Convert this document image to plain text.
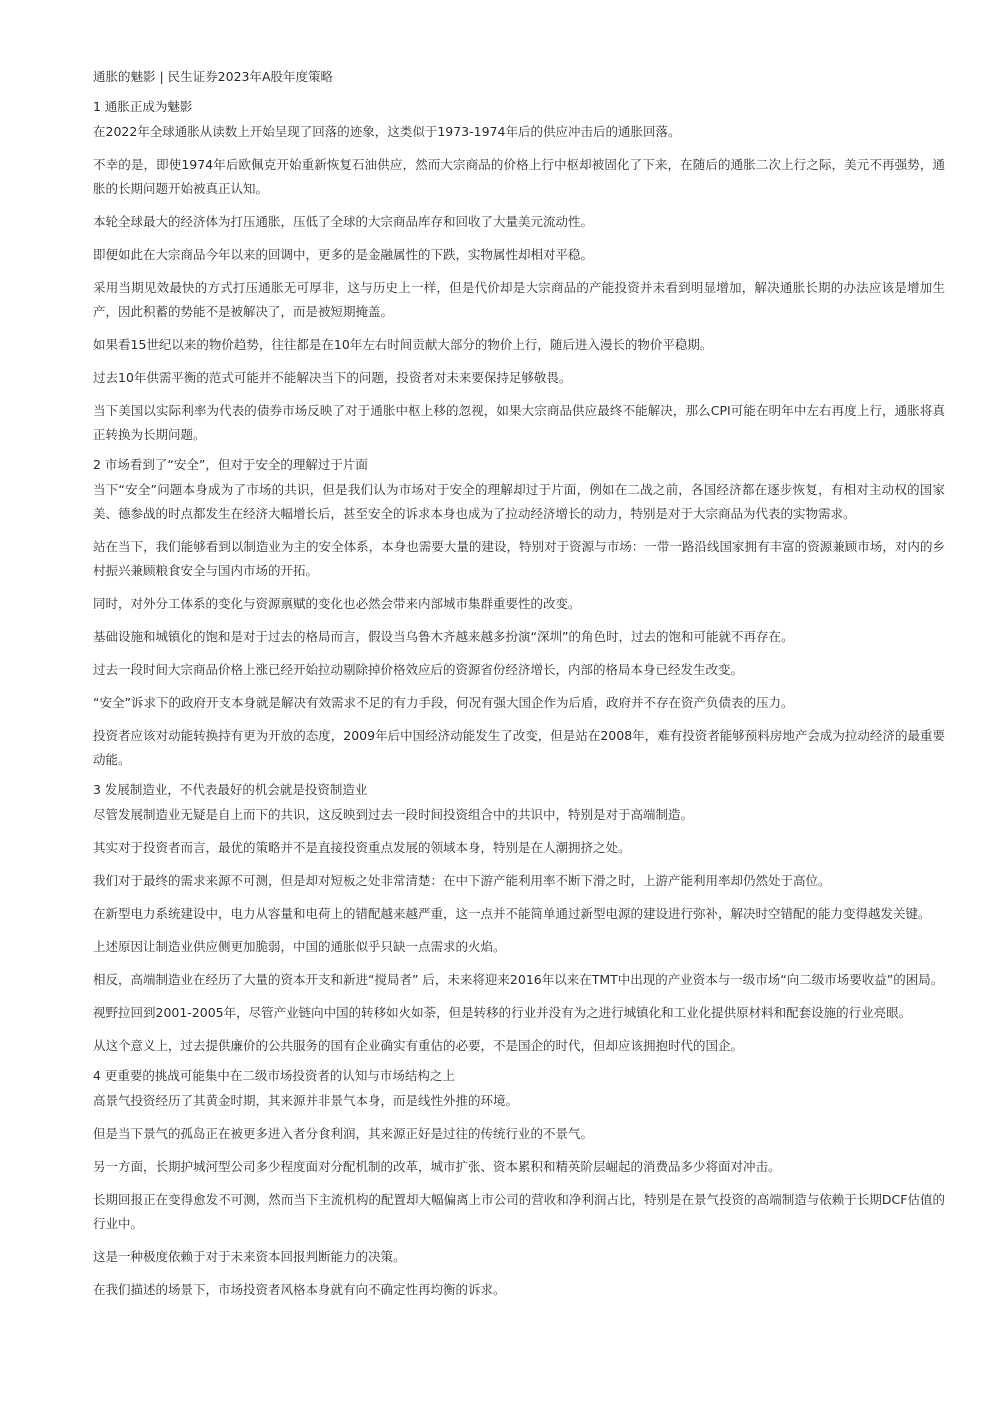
通胀的魅影 | 民生证券2023年A股年度策略
1 通胀正成为魅影

在2022年全球通胀从读数上开始呈现了回落的迹象，这类似于1973-1974年后的供应冲击后的通胀回落。

不幸的是，即使1974年后欧佩克开始重新恢复石油供应，然而大宗商品的价格上行中枢却被固化了下来，在随后的通胀二次上行之际，美元不再强势，通胀的长期问题开始被真正认知。

本轮全球最大的经济体为打压通胀，压低了全球的大宗商品库存和回收了大量美元流动性。

即便如此在大宗商品今年以来的回调中，更多的是金融属性的下跌，实物属性却相对平稳。

采用当期见效最快的方式打压通胀无可厚非，这与历史上一样，但是代价却是大宗商品的产能投资并未看到明显增加，解决通胀长期的办法应该是增加生产，因此积蓄的势能不是被解决了，而是被短期掩盖。

如果看15世纪以来的物价趋势，往往都是在10年左右时间贡献大部分的物价上行，随后进入漫长的物价平稳期。

过去10年供需平衡的范式可能并不能解决当下的问题，投资者对未来要保持足够敬畏。

当下美国以实际利率为代表的债券市场反映了对于通胀中枢上移的忽视，如果大宗商品供应最终不能解决，那么CPI可能在明年中左右再度上行，通胀将真正转换为长期问题。

2 市场看到了“安全”，但对于安全的理解过于片面

当下“安全”问题本身成为了市场的共识，但是我们认为市场对于安全的理解却过于片面，例如在二战之前，各国经济都在逐步恢复，有相对主动权的国家美、德参战的时点都发生在经济大幅增长后，甚至安全的诉求本身也成为了拉动经济增长的动力，特别是对于大宗商品为代表的实物需求。

站在当下，我们能够看到以制造业为主的安全体系，本身也需要大量的建设，特别对于资源与市场：一带一路沿线国家拥有丰富的资源兼顾市场，对内的乡村振兴兼顾粮食安全与国内市场的开拓。

同时，对外分工体系的变化与资源禀赋的变化也必然会带来内部城市集群重要性的改变。

基础设施和城镇化的饱和是对于过去的格局而言，假设当乌鲁木齐越来越多扮演“深圳”的角色时，过去的饱和可能就不再存在。

过去一段时间大宗商品价格上涨已经开始拉动剔除掉价格效应后的资源省份经济增长，内部的格局本身已经发生改变。

“安全”诉求下的政府开支本身就是解决有效需求不足的有力手段，何况有强大国企作为后盾，政府并不存在资产负债表的压力。

投资者应该对动能转换持有更为开放的态度，2009年后中国经济动能发生了改变，但是站在2008年，难有投资者能够预料房地产会成为拉动经济的最重要动能。

3 发展制造业，不代表最好的机会就是投资制造业

尽管发展制造业无疑是自上而下的共识，这反映到过去一段时间投资组合中的共识中，特别是对于高端制造。

其实对于投资者而言，最优的策略并不是直接投资重点发展的领域本身，特别是在人潮拥挤之处。

我们对于最终的需求来源不可测，但是却对短板之处非常清楚：在中下游产能利用率不断下滑之时，上游产能利用率却仍然处于高位。

在新型电力系统建设中，电力从容量和电荷上的错配越来越严重，这一点并不能简单通过新型电源的建设进行弥补，解决时空错配的能力变得越发关键。

上述原因让制造业供应侧更加脆弱，中国的通胀似乎只缺一点需求的火焰。

相反，高端制造业在经历了大量的资本开支和新进“搅局者” 后，未来将迎来2016年以来在TMT中出现的产业资本与一级市场“向二级市场要收益”的困局。

视野拉回到2001-2005年，尽管产业链向中国的转移如火如荼，但是转移的行业并没有为之进行城镇化和工业化提供原材料和配套设施的行业亮眼。

从这个意义上，过去提供廉价的公共服务的国有企业确实有重估的必要，不是国企的时代，但却应该拥抱时代的国企。

4 更重要的挑战可能集中在二级市场投资者的认知与市场结构之上

高景气投资经历了其黄金时期，其来源并非景气本身，而是线性外推的环境。

但是当下景气的孤岛正在被更多进入者分食利润，其来源正好是过往的传统行业的不景气。

另一方面，长期护城河型公司多少程度面对分配机制的改革，城市扩张、资本累积和精英阶层崛起的消费品多少将面对冲击。

长期回报正在变得愈发不可测，然而当下主流机构的配置却大幅偏离上市公司的营收和净利润占比，特别是在景气投资的高端制造与依赖于长期DCF估值的行业中。

这是一种极度依赖于对于未来资本回报判断能力的决策。

在我们描述的场景下，市场投资者风格本身就有向不确定性再均衡的诉求。
